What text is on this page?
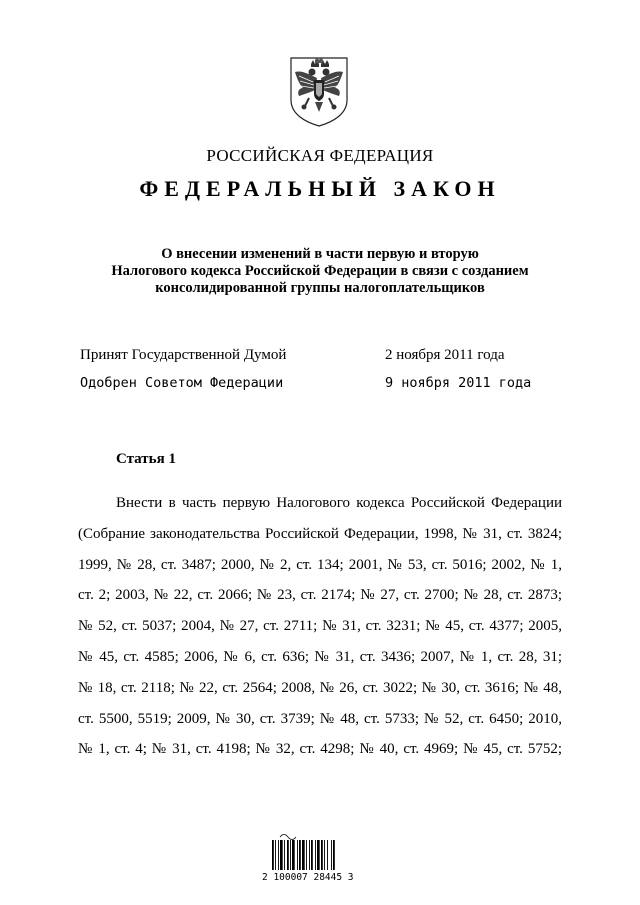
РОССИЙСКАЯ ФЕДЕРАЦИЯ
ФЕДЕРАЛЬНЫЙ ЗАКОН
О внесении изменений в части первую и вторую
Налогового кодекса Российской Федерации в связи с созданием
консолидированной группы налогоплательщиков
Принят Государственной Думой	2 ноября 2011 года
Одобрен Советом Федерации	9 ноября 2011 года
Статья 1
Внести в часть первую Налогового кодекса Российской Федерации
(Собрание законодательства Российской Федерации, 1998, № 31, ст. 3824;
1999, № 28, ст. 3487; 2000, № 2, ст. 134; 2001, № 53, ст. 5016; 2002, № 1,
ст. 2; 2003, № 22, ст. 2066; № 23, ст. 2174; № 27, ст. 2700; № 28, ст. 2873;
№ 52, ст. 5037; 2004, № 27, ст. 2711; № 31, ст. 3231; № 45, ст. 4377; 2005,
№ 45, ст. 4585; 2006, № 6, ст. 636; № 31, ст. 3436; 2007, № 1, ст. 28, 31;
№ 18, ст. 2118; № 22, ст. 2564; 2008, № 26, ст. 3022; № 30, ст. 3616; № 48,
ст. 5500, 5519; 2009, № 30, ст. 3739; № 48, ст. 5733; № 52, ст. 6450; 2010,
№ 1, ст. 4; № 31, ст. 4198; № 32, ст. 4298; № 40, ст. 4969; № 45, ст. 5752;
2 100007 28445 3
